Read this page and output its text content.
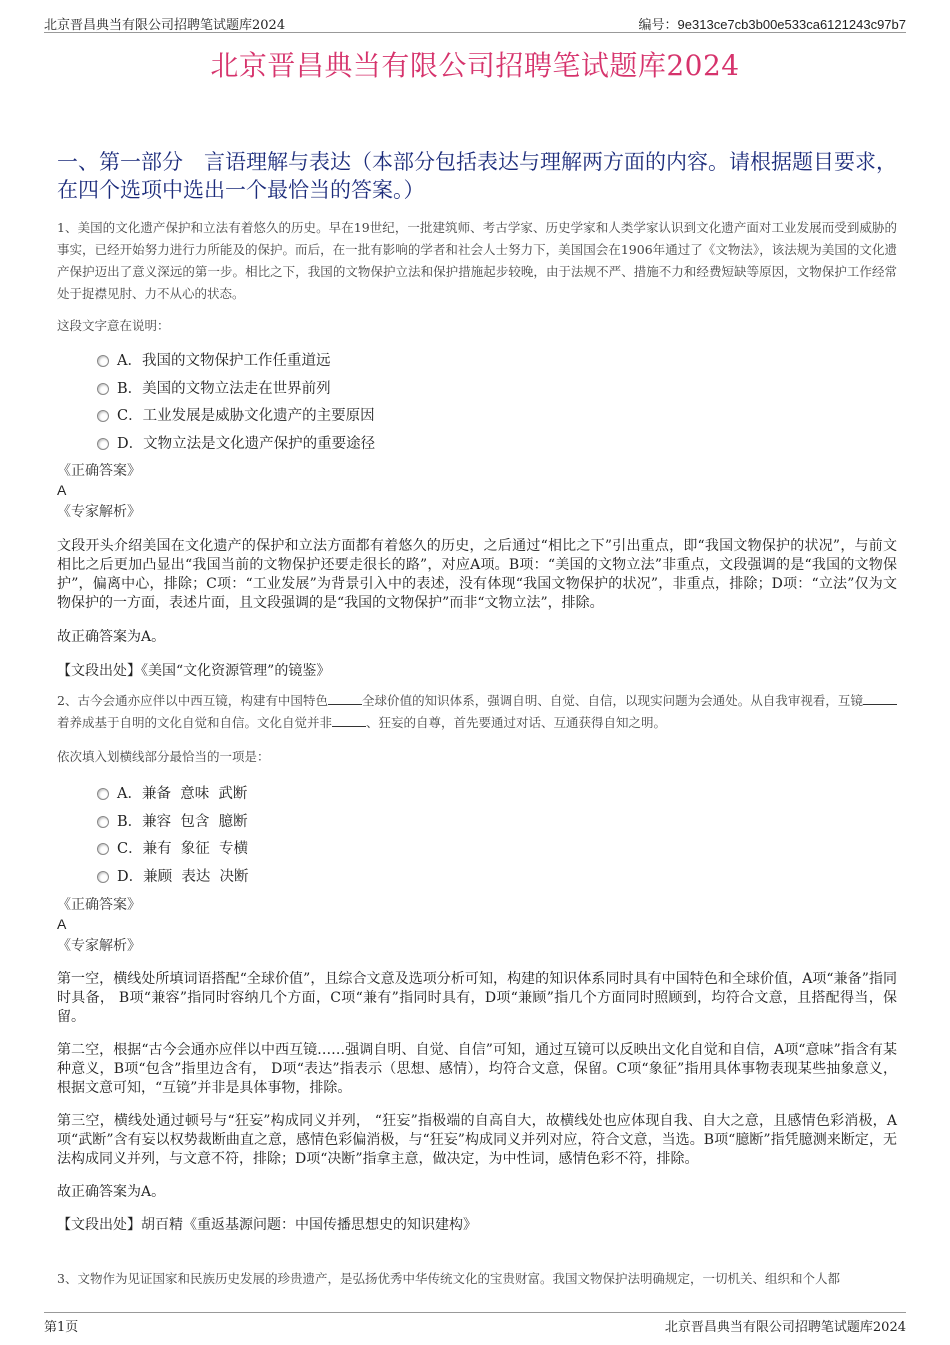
北京晋昌典当有限公司招聘笔试题库2024	编号：9e313ce7cb3b00e533ca6121243c97b7
北京晋昌典当有限公司招聘笔试题库2024
一、第一部分　言语理解与表达（本部分包括表达与理解两方面的内容。请根据题目要求，在四个选项中选出一个最恰当的答案。）

1、美国的文化遗产保护和立法有着悠久的历史。早在19世纪，一批建筑师、考古学家、历史学家和人类学家认识到文化遗产面对工业发展而受到威胁的事实，已经开始努力进行力所能及的保护。而后，在一批有影响的学者和社会人士努力下，美国国会在1906年通过了《文物法》，该法规为美国的文化遗产保护迈出了意义深远的第一步。相比之下，我国的文物保护立法和保护措施起步较晚，由于法规不严、措施不力和经费短缺等原因，文物保护工作经常处于捉襟见肘、力不从心的状态。

这段文字意在说明：

A．我国的文物保护工作任重道远
B．美国的文物立法走在世界前列
C．工业发展是威胁文化遗产的主要原因
D．文物立法是文化遗产保护的重要途径

《正确答案》

A

《专家解析》

文段开头介绍美国在文化遗产的保护和立法方面都有着悠久的历史，之后通过“相比之下”引出重点，即“我国文物保护的状况”，与前文相比之后更加凸显出“我国当前的文物保护还要走很长的路”，对应A项。B项：“美国的文物立法”非重点，文段强调的是“我国的文物保护”，偏离中心，排除；C项：“工业发展”为背景引入中的表述，没有体现“我国文物保护的状况”，非重点，排除；D项：“立法”仅为文物保护的一方面，表述片面，且文段强调的是“我国的文物保护”而非“文物立法”，排除。

故正确答案为A。

【文段出处】《美国“文化资源管理”的镜鉴》

2、古今会通亦应伴以中西互镜，构建有中国特色	全球价值的知识体系，强调自明、自觉、自信，以现实问题为会通处。从自我审视看，互镜着养成基于自明的文化自觉和自信。文化自觉并非	、狂妄的自尊，首先要通过对话、互通获得自知之明。

依次填入划横线部分最恰当的一项是：

A．兼备  意味  武断
B．兼容  包含  臆断
C．兼有  象征  专横
D．兼顾  表达  决断

《正确答案》

A

《专家解析》

第一空，横线处所填词语搭配“全球价值”，且综合文意及选项分析可知，构建的知识体系同时具有中国特色和全球价值，A项“兼备”指同时具备， B项“兼容”指同时容纳几个方面，C项“兼有”指同时具有，D项“兼顾”指几个方面同时照顾到，均符合文意，且搭配得当，保留。

第二空，根据“古今会通亦应伴以中西互镜……强调自明、自觉、自信”可知，通过互镜可以反映出文化自觉和自信，A项“意味”指含有某种意义，B项“包含”指里边含有， D项“表达”指表示（思想、感情），均符合文意，保留。C项“象征”指用具体事物表现某些抽象意义，根据文意可知，“互镜”并非是具体事物，排除。

第三空，横线处通过顿号与“狂妄”构成同义并列， “狂妄”指极端的自高自大，故横线处也应体现自我、自大之意，且感情色彩消极，A项“武断”含有妄以权势裁断曲直之意，感情色彩偏消极，与“狂妄”构成同义并列对应，符合文意，当选。B项“臆断”指凭臆测来断定，无法构成同义并列，与文意不符，排除；D项“决断”指拿主意，做决定，为中性词，感情色彩不符，排除。

故正确答案为A。

【文段出处】胡百精《重返基源问题：中国传播思想史的知识建构》

3、文物作为见证国家和民族历史发展的珍贵遗产，是弘扬优秀中华传统文化的宝贵财富。我国文物保护法明确规定，一切机关、组织和个人都

第1页	北京晋昌典当有限公司招聘笔试题库2024
